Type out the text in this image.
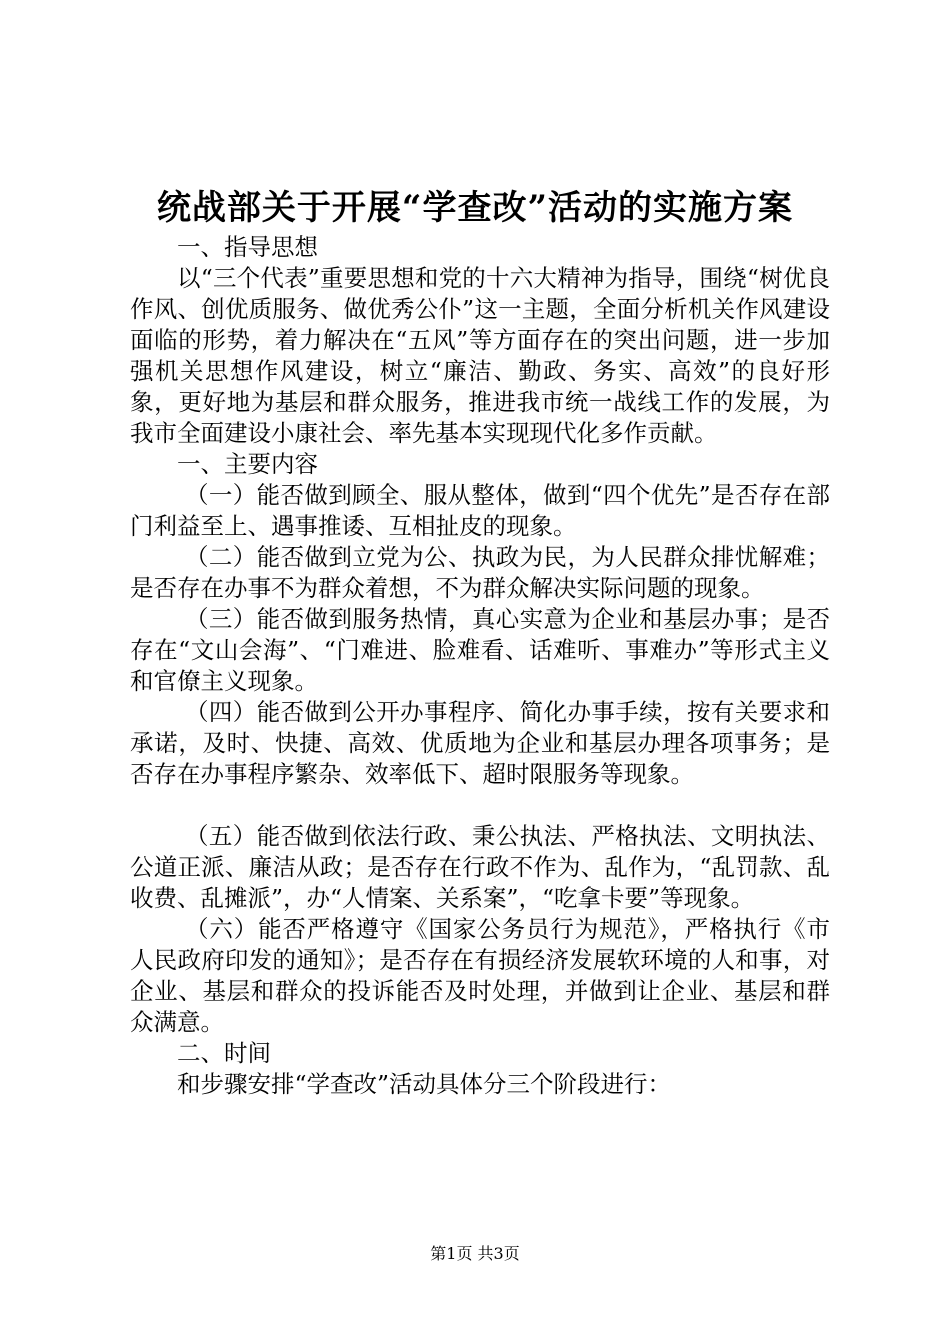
统战部关于开展“学查改”活动的实施方案

一、指导思想

以“三个代表”重要思想和党的十六大精神为指导，围绕“树优良作风、创优质服务、做优秀公仆”这一主题，全面分析机关作风建设面临的形势，着力解决在“五风”等方面存在的突出问题，进一步加强机关思想作风建设，树立“廉洁、勤政、务实、高效”的良好形象，更好地为基层和群众服务，推进我市统一战线工作的发展，为我市全面建设小康社会、率先基本实现现代化多作贡献。

一、主要内容

（一）能否做到顾全、服从整体，做到“四个优先”是否存在部门利益至上、遇事推诿、互相扯皮的现象。

（二）能否做到立党为公、执政为民，为人民群众排忧解难；是否存在办事不为群众着想，不为群众解决实际问题的现象。

（三）能否做到服务热情，真心实意为企业和基层办事；是否存在“文山会海”、“门难进、脸难看、话难听、事难办”等形式主义和官僚主义现象。

（四）能否做到公开办事程序、简化办事手续，按有关要求和承诺，及时、快捷、高效、优质地为企业和基层办理各项事务；是否存在办事程序繁杂、效率低下、超时限服务等现象。

（五）能否做到依法行政、秉公执法、严格执法、文明执法、公道正派、廉洁从政；是否存在行政不作为、乱作为，“乱罚款、乱收费、乱摊派”，办“人情案、关系案”，“吃拿卡要”等现象。

（六）能否严格遵守《国家公务员行为规范》，严格执行《市人民政府印发的通知》；是否存在有损经济发展软环境的人和事，对企业、基层和群众的投诉能否及时处理，并做到让企业、基层和群众满意。

二、时间

和步骤安排“学查改”活动具体分三个阶段进行：

第1页 共3页
